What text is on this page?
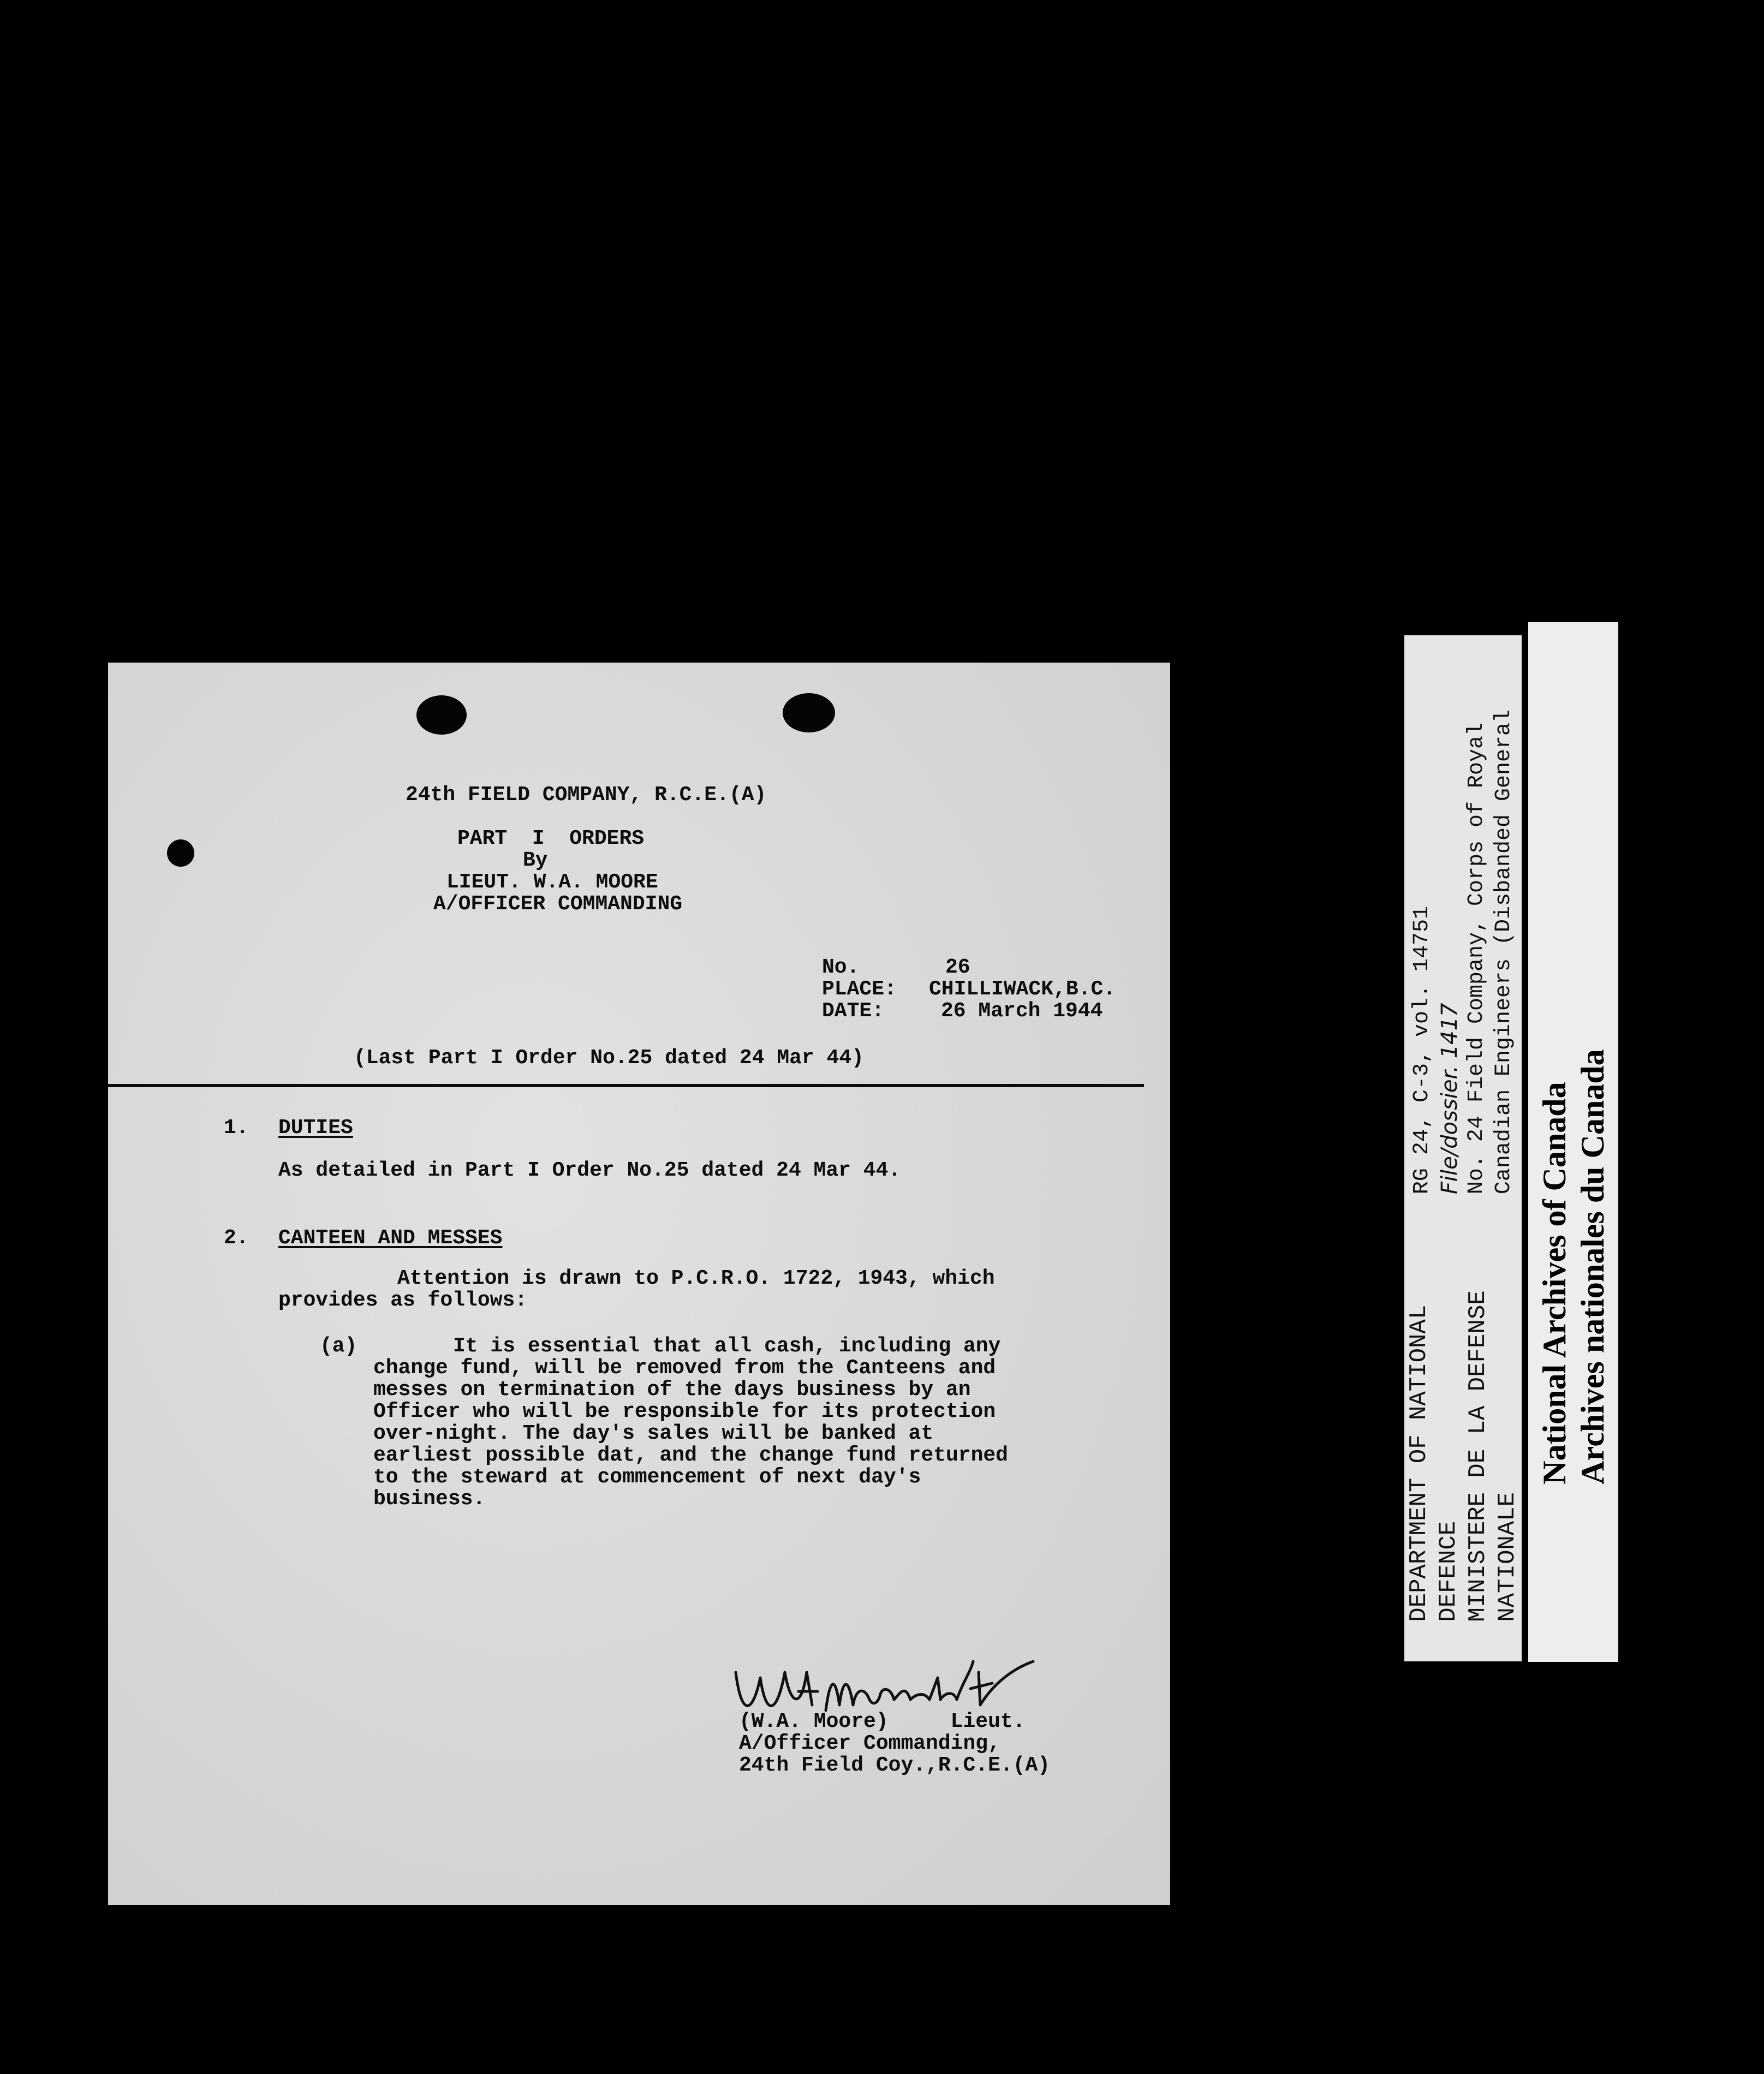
24th FIELD COMPANY, R.C.E.(A)
PART  I  ORDERS
By
LIEUT. W.A. MOORE
A/OFFICER COMMANDING
No.	26
PLACE: CHILLIWACK,B.C.
DATE:	26 March 1944
(Last Part I Order No.25 dated 24 Mar 44)
1. DUTIES
As detailed in Part I Order No.25 dated 24 Mar 44.
2. CANTEEN AND MESSES
Attention is drawn to P.C.R.O. 1722, 1943, which
provides as follows:
(a)	It is essential that all cash, including any
change fund, will be removed from the Canteens and
messes on termination of the days business by an
Officer who will be responsible for its protection
over-night. The day's sales will be banked at
earliest possible dat, and the change fund returned
to the steward at commencement of next day's
business.
(W.A. Moore)     Lieut.
A/Officer Commanding,
24th Field Coy.,R.C.E.(A)
DEPARTMENT OF NATIONAL DEFENCE MINISTERE DE LA DEFENSE NATIONALE
RG 24, C-3, vol. 14751 File/dossier. 1417 No. 24 Field Company, Corps of Royal Canadian Engineers (Disbanded General
National Archives of Canada Archives nationales du Canada
